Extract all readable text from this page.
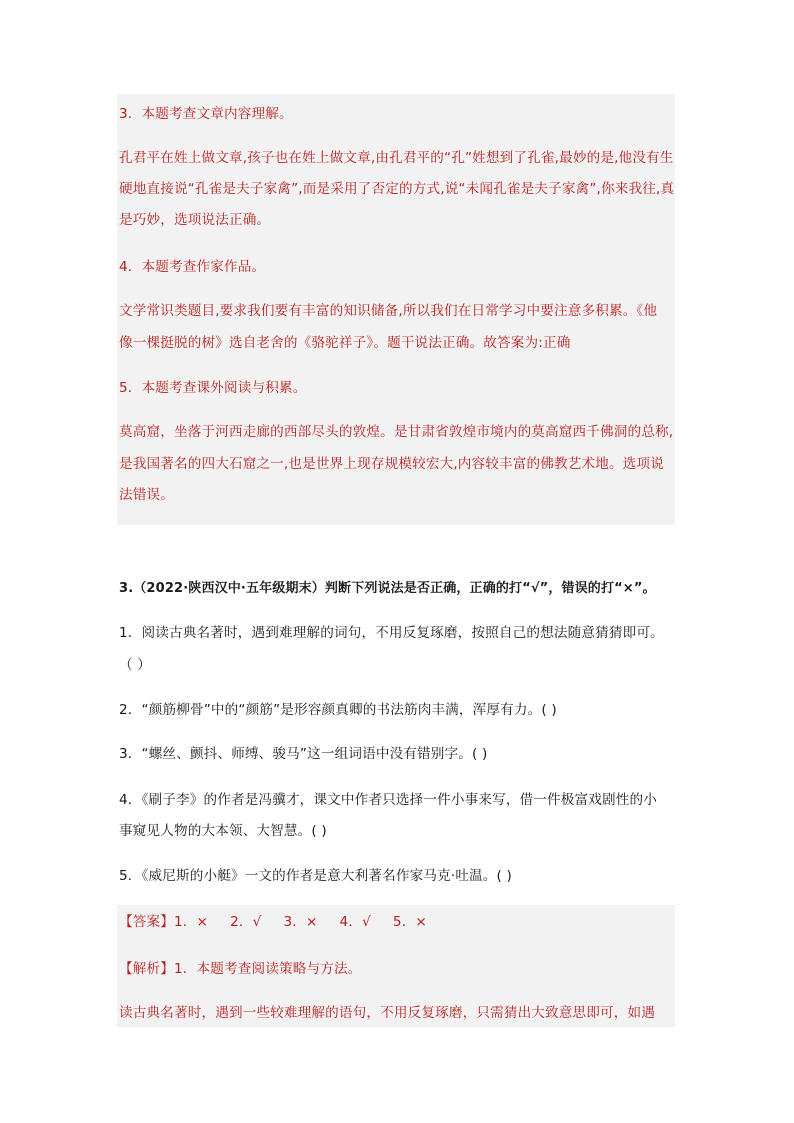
3．本题考查文章内容理解。
孔君平在姓上做文章,孩子也在姓上做文章,由孔君平的“孔”姓想到了孔雀,最妙的是,他没有生
硬地直接说“孔雀是夫子家禽”,而是采用了否定的方式,说“未闻孔雀是夫子家禽”,你来我往,真
是巧妙，选项说法正确。
4．本题考查作家作品。
文学常识类题目,要求我们要有丰富的知识储备,所以我们在日常学习中要注意多积累。《他
像一棵挺脱的树》选自老舍的《骆驼祥子》。题干说法正确。故答案为:正确
5．本题考查课外阅读与积累。
莫高窟，坐落于河西走廊的西部尽头的敦煌。是甘肃省敦煌市境内的莫高窟西千佛洞的总称,
是我国著名的四大石窟之一,也是世界上现存规模较宏大,内容较丰富的佛教艺术地。选项说
法错误。
3.（2022·陕西汉中·五年级期末）判断下列说法是否正确，正确的打“√”，错误的打“×”。
1．阅读古典名著时，遇到难理解的词句，不用反复琢磨，按照自己的想法随意猜猜即可。
（ ）
2．“颜筋柳骨”中的“颜筋”是形容颜真卿的书法筋肉丰满，浑厚有力。( )
3．“螺丝、颤抖、师缚、骏马”这一组词语中没有错别字。( )
4．《刷子李》的作者是冯骥才，课文中作者只选择一件小事来写，借一件极富戏剧性的小
事窥见人物的大本领、大智慧。( )
5．《威尼斯的小艇》一文的作者是意大利著名作家马克·吐温。( )
【答案】1．× 2．√ 3．× 4．√ 5．×
【解析】1．本题考查阅读策略与方法。
读古典名著时，遇到一些较难理解的语句，不用反复琢磨，只需猜出大致意思即可，如遇
